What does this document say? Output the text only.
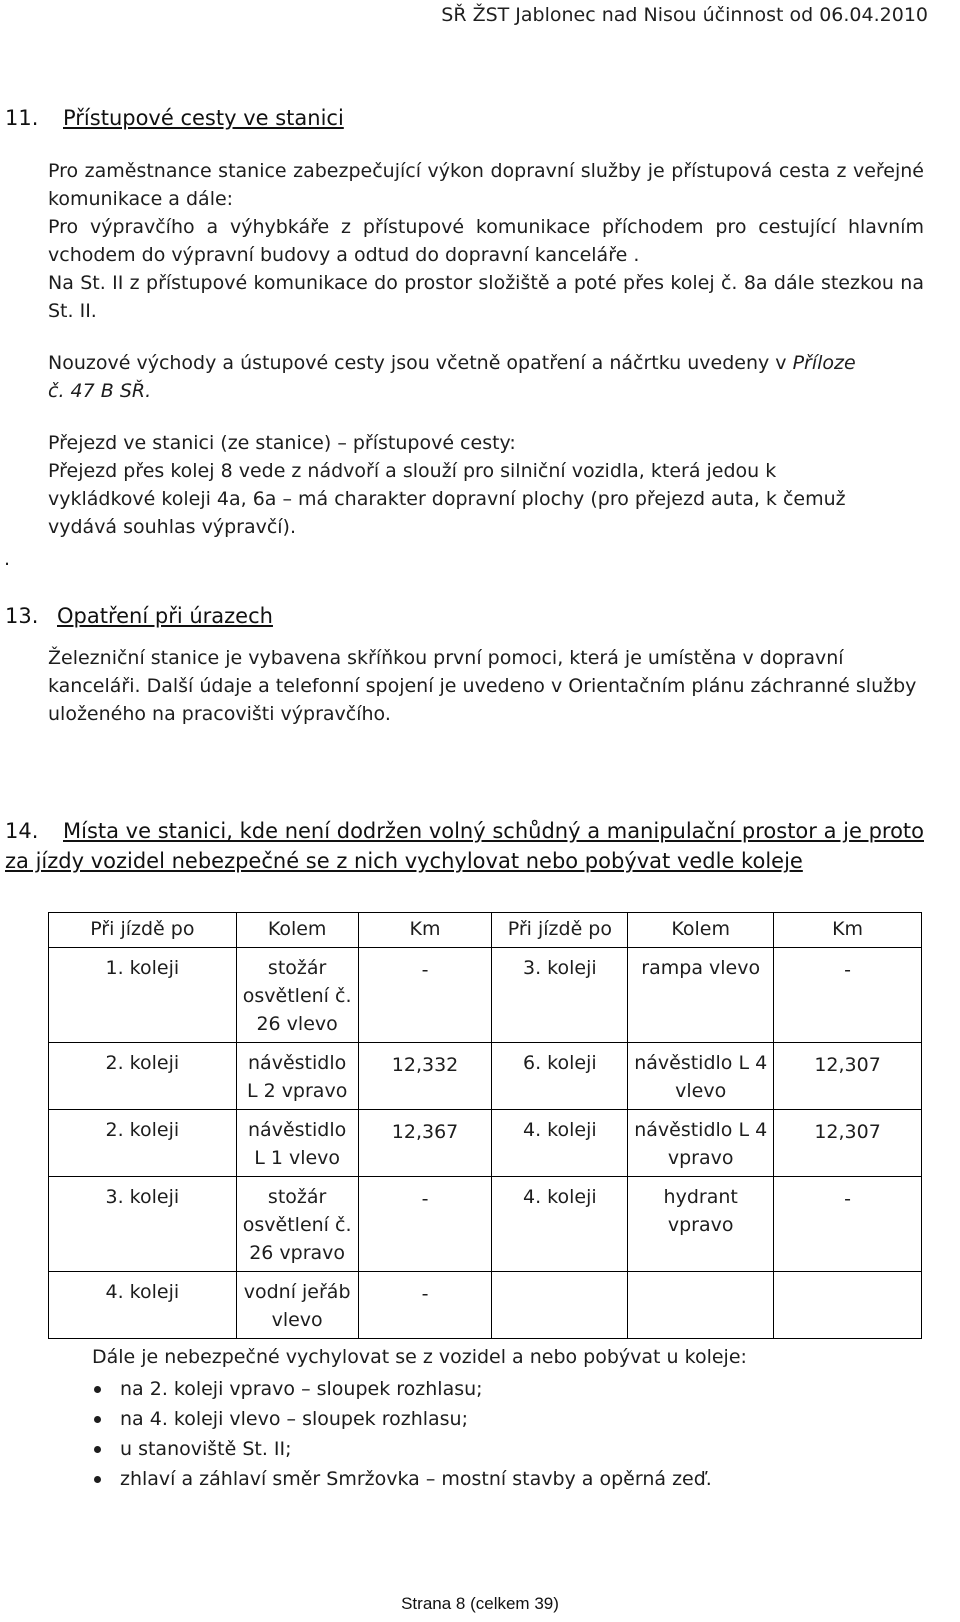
SŘ ŽST Jablonec nad Nisou účinnost od 06.04.2010
11. Přístupové cesty ve stanici
Pro zaměstnance stanice zabezpečující výkon dopravní služby je přístupová cesta z veřejné komunikace a dále:
Pro výpravčího a výhybkáře z přístupové komunikace příchodem pro cestující hlavním vchodem do výpravní budovy a odtud do dopravní kanceláře .
Na St. II z přístupové komunikace do prostor složiště a poté přes kolej č. 8a dále stezkou na St. II.
Nouzové východy a ústupové cesty jsou včetně opatření a náčrtku uvedeny v Příloze
č. 47 B SŘ.
Přejezd ve stanici (ze stanice) – přístupové cesty:
Přejezd přes kolej 8 vede z nádvoří a slouží pro silniční vozidla, která jedou k vykládkové koleji 4a, 6a – má charakter dopravní plochy (pro přejezd auta, k čemuž vydává souhlas výpravčí).
.
13. Opatření při úrazech
Železniční stanice je vybavena skříňkou první pomoci, která je umístěna v dopravní kanceláři. Další údaje a telefonní spojení je uvedeno v Orientačním plánu záchranné služby uloženého na pracovišti výpravčího.
14. Místa ve stanici, kde není dodržen volný schůdný a manipulační prostor a je proto za jízdy vozidel nebezpečné se z nich vychylovat nebo pobývat vedle koleje
Při jízdě po	Kolem	Km	Při jízdě po	Kolem	Km
1. koleji	stožár osvětlení č. 26 vlevo	-	3. koleji	rampa vlevo	-
2. koleji	návěstidlo L 2 vpravo	12,332	6. koleji	návěstidlo L 4 vlevo	12,307
2. koleji	návěstidlo L 1 vlevo	12,367	4. koleji	návěstidlo L 4 vpravo	12,307
3. koleji	stožár osvětlení č. 26 vpravo	-	4. koleji	hydrant vpravo	-
4. koleji	vodní jeřáb vlevo	-			
Dále je nebezpečné vychylovat se z vozidel a nebo pobývat u koleje:
na 2. koleji vpravo – sloupek rozhlasu;
na 4. koleji vlevo – sloupek rozhlasu;
u stanoviště St. II;
zhlaví a záhlaví směr Smržovka – mostní stavby a opěrná zeď.
Strana 8 (celkem 39)
